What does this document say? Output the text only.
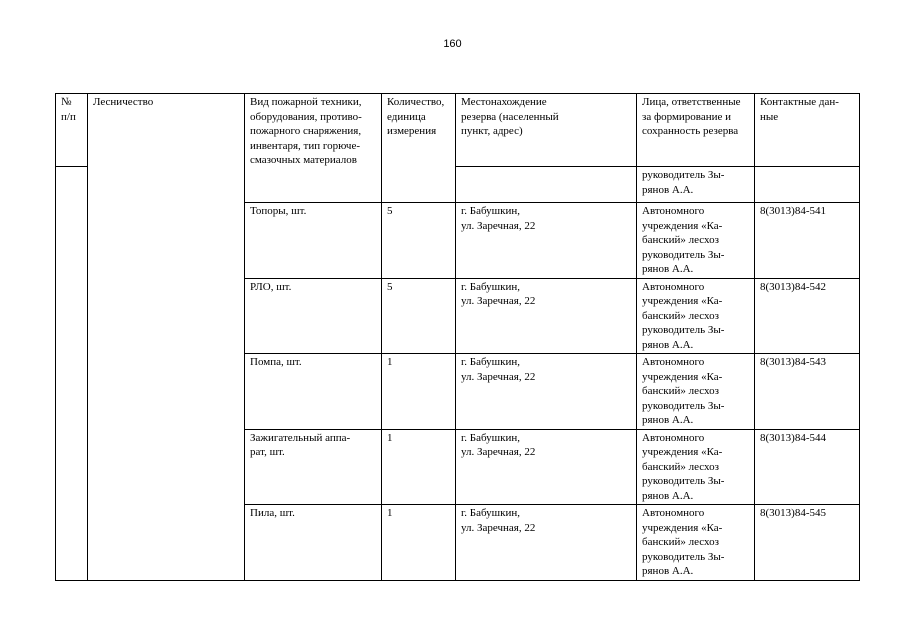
160
№
п/п	Лесничество	Вид пожарной техники,
оборудования, противо-
пожарного снаряжения,
инвентаря, тип горюче-
смазочных материалов	Количество,
единица
измерения	Местонахождение
резерва (населенный
пункт, адрес)	Лица, ответственные
за формирование и
сохранность резерва	Контактные дан-
ные
					руководитель Зы-
рянов А.А.	
		Топоры, шт.	5	г. Бабушкин,
ул. Заречная, 22	Автономного
учреждения «Ка-
банский» лесхоз
руководитель Зы-
рянов А.А.	8(3013)84-541
		РЛО, шт.	5	г. Бабушкин,
ул. Заречная, 22	Автономного
учреждения «Ка-
банский» лесхоз
руководитель Зы-
рянов А.А.	8(3013)84-542
		Помпа, шт.	1	г. Бабушкин,
ул. Заречная, 22	Автономного
учреждения «Ка-
банский» лесхоз
руководитель Зы-
рянов А.А.	8(3013)84-543
		Зажигательный аппа-
рат, шт.	1	г. Бабушкин,
ул. Заречная, 22	Автономного
учреждения «Ка-
банский» лесхоз
руководитель Зы-
рянов А.А.	8(3013)84-544
		Пила, шт.	1	г. Бабушкин,
ул. Заречная, 22	Автономного
учреждения «Ка-
банский» лесхоз
руководитель Зы-
рянов А.А.	8(3013)84-545
